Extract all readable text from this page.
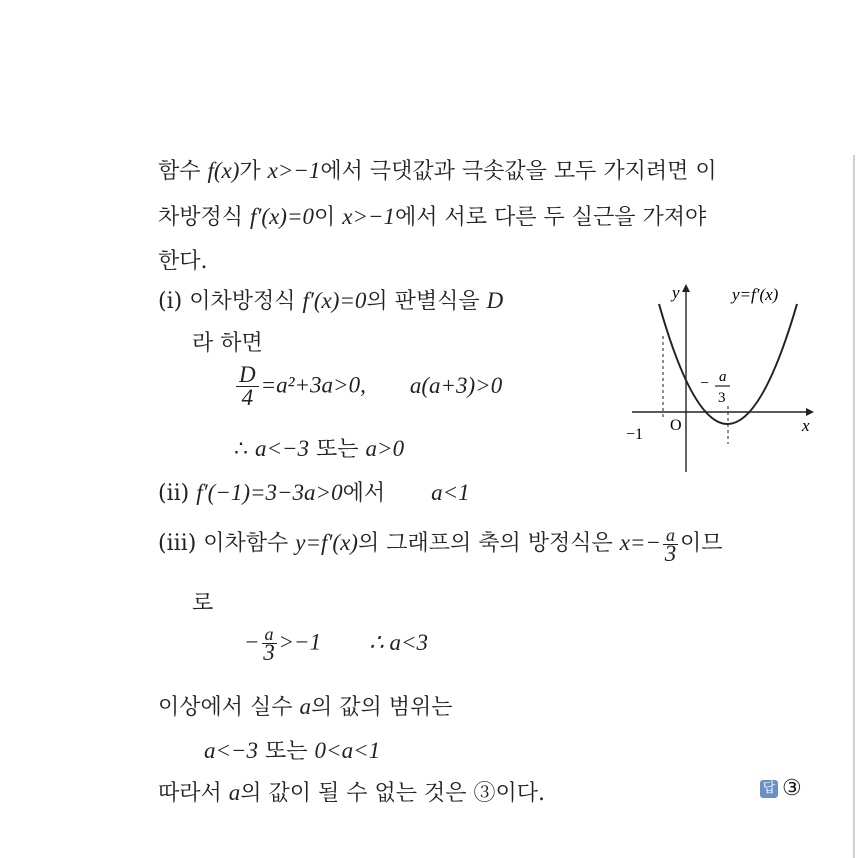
함수 f(x)가 x>−1에서 극댓값과 극솟값을 모두 가지려면 이
차방정식 f′(x)=0이 x>−1에서 서로 다른 두 실근을 가져야
한다.
(ⅰ) 이차방정식 f′(x)=0의 판별식을 D
라 하면
$\frac{D}{4} =a^2+3a>0$, a(a+3)>0
∴ a<−3 또는 a>0
(ⅱ) f′(−1)=3−3a>0에서 a<1
(ⅲ) 이차함수 y=f′(x)의 그래프의 축의 방정식은 $x=- \frac{a}{3}$ 이므
로
− $\frac{a}{3} >-1$ ∴ a<3
이상에서 실수 a의 값의 범위는
a<−3 또는 0<a<1
따라서 a의 값이 될 수 없는 것은 ③이다.	답 ③
y
x
O
y=f′(x)
−1
− a
3
